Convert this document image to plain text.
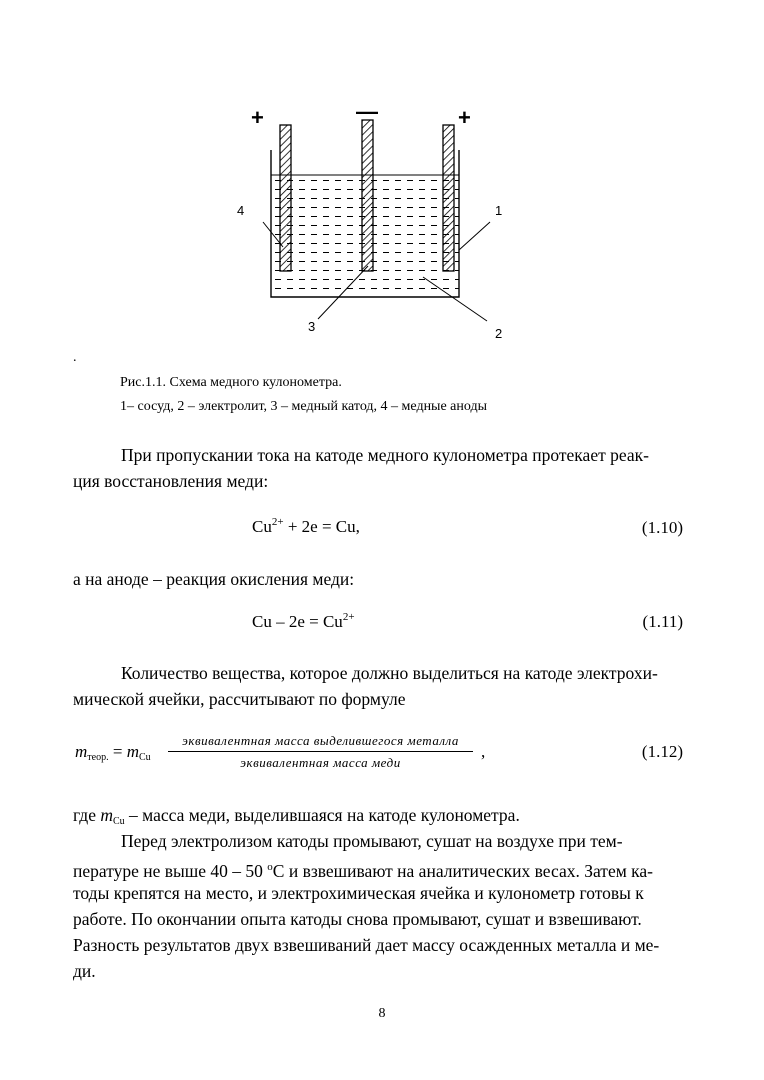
+	—	+
4	1
3	2
.
Рис.1.1. Схема медного кулонометра.
1– сосуд, 2 – электролит, 3 – медный катод, 4 – медные аноды
При пропускании тока на катоде медного кулонометра протекает реак-
ция восстановления меди:
$Cu^{2+} + 2e = Cu$,	(1.10)
а на аноде – реакция окисления меди:
$Cu - 2e = Cu^{2+}$	(1.11)
Количество вещества, которое должно выделиться на катоде электрохи-
мической ячейки, рассчитывают по формуле
$m_{теор.} = m_{Cu}$
эквивалентная масса выделившегося металла
эквивалентная масса меди
,	(1.12)
где $m_{Cu}$ – масса меди, выделившаяся на катоде кулонометра.
Перед электролизом катоды промывают, сушат на воздухе при тем-
пературе не выше 40 – 50 $^o$С и взвешивают на аналитических весах. Затем ка-
тоды крепятся на место, и электрохимическая ячейка и кулонометр готовы к
работе. По окончании опыта катоды снова промывают, сушат и взвешивают.
Разность результатов двух взвешиваний дает массу осажденных металла и ме-
ди.
8
